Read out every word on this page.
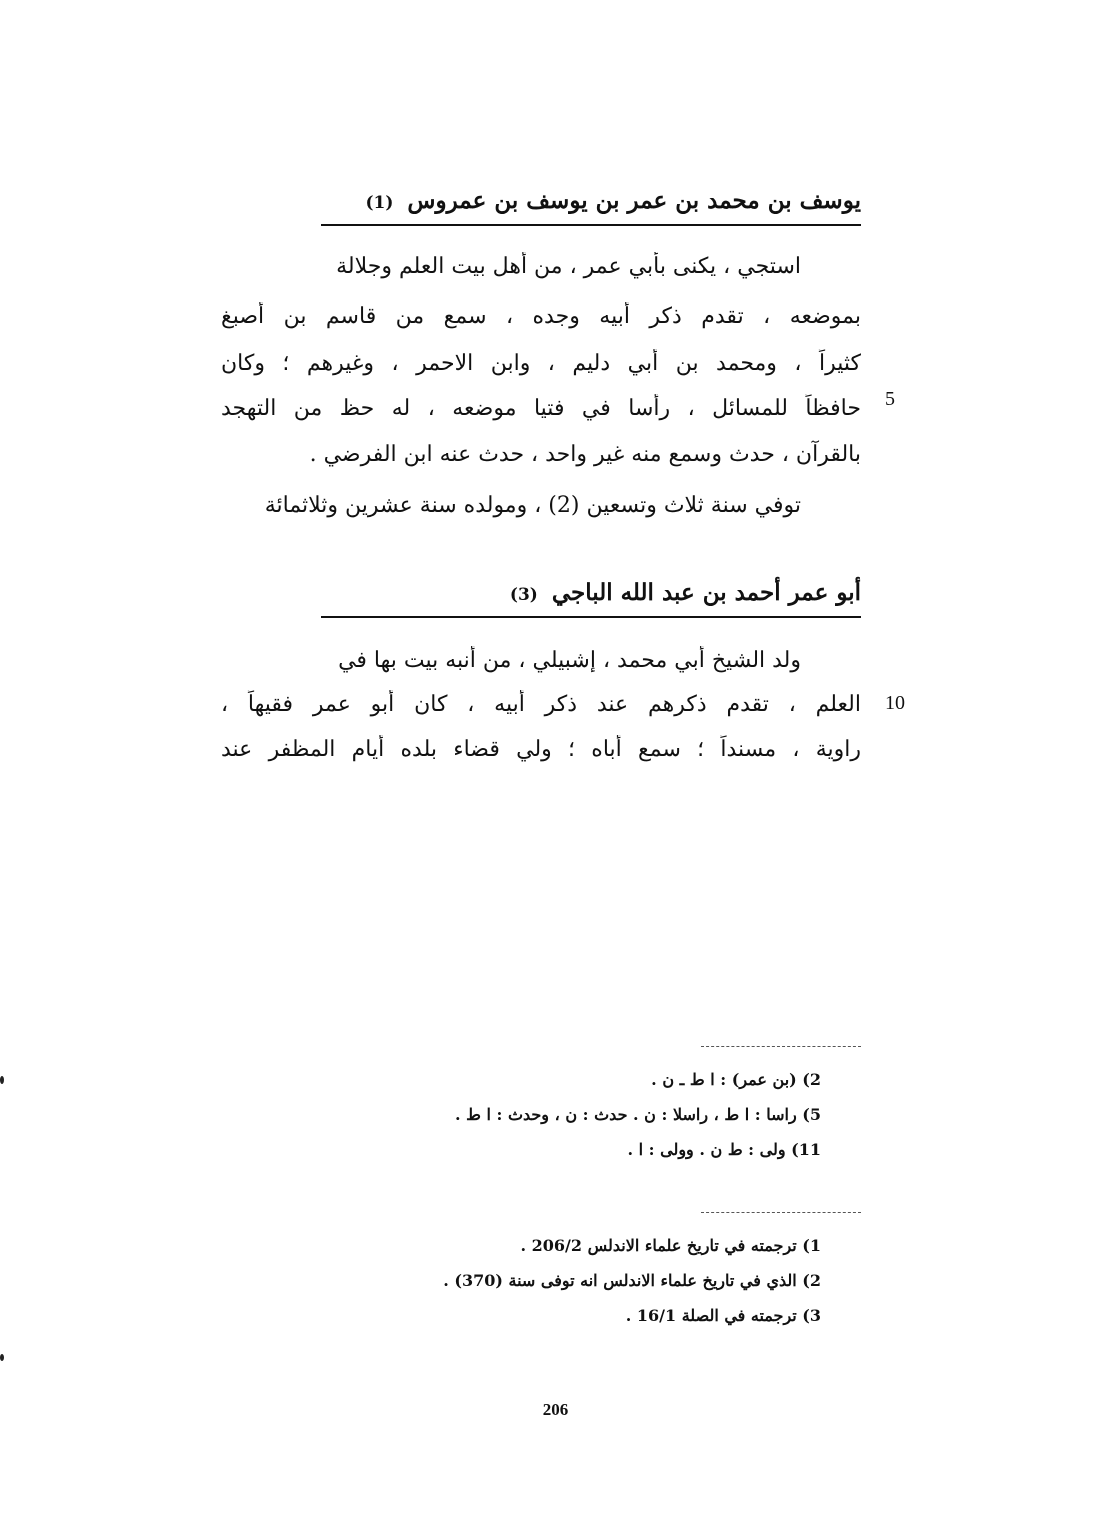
يوسف بن محمد بن عمر بن يوسف بن عمروس (1)
استجي ، يكنى بأبي عمر ، من أهل بيت العلم وجلالة
بموضعه ، تقدم ذكر أبيه وجده ، سمع من قاسم بن أصبغ
كثيراً ، ومحمد بن أبي دليم ، وابن الاحمر ، وغيرهم ؛ وكان
حافظاً للمسائل ، رأسا في فتيا موضعه ، له حظ من التهجد 5
بالقرآن ، حدث وسمع منه غير واحد ، حدث عنه ابن الفرضي .
توفي سنة ثلاث وتسعين (2) ، ومولده سنة عشرين وثلاثمائة
أبو عمر أحمد بن عبد الله الباجي (3)
ولد الشيخ أبي محمد ، إشبيلي ، من أنبه بيت بها في
العلم ، تقدم ذكرهم عند ذكر أبيه ، كان أبو عمر فقيهاً ، 10
راوية ، مسنداً ؛ سمع أباه ؛ ولي قضاء بلده أيام المظفر عند
2) (بن عمر) : ا ط ـ ن .
5) راسا : ا ط ، راسلا : ن . حدث : ن ، وحدث : ا ط .
11) ولى : ط ن . وولى : ا .
1) ترجمته في تاريخ علماء الاندلس 206/2 .
2) الذي في تاريخ علماء الاندلس انه توفى سنة (370) .
3) ترجمته في الصلة 16/1 .
206
